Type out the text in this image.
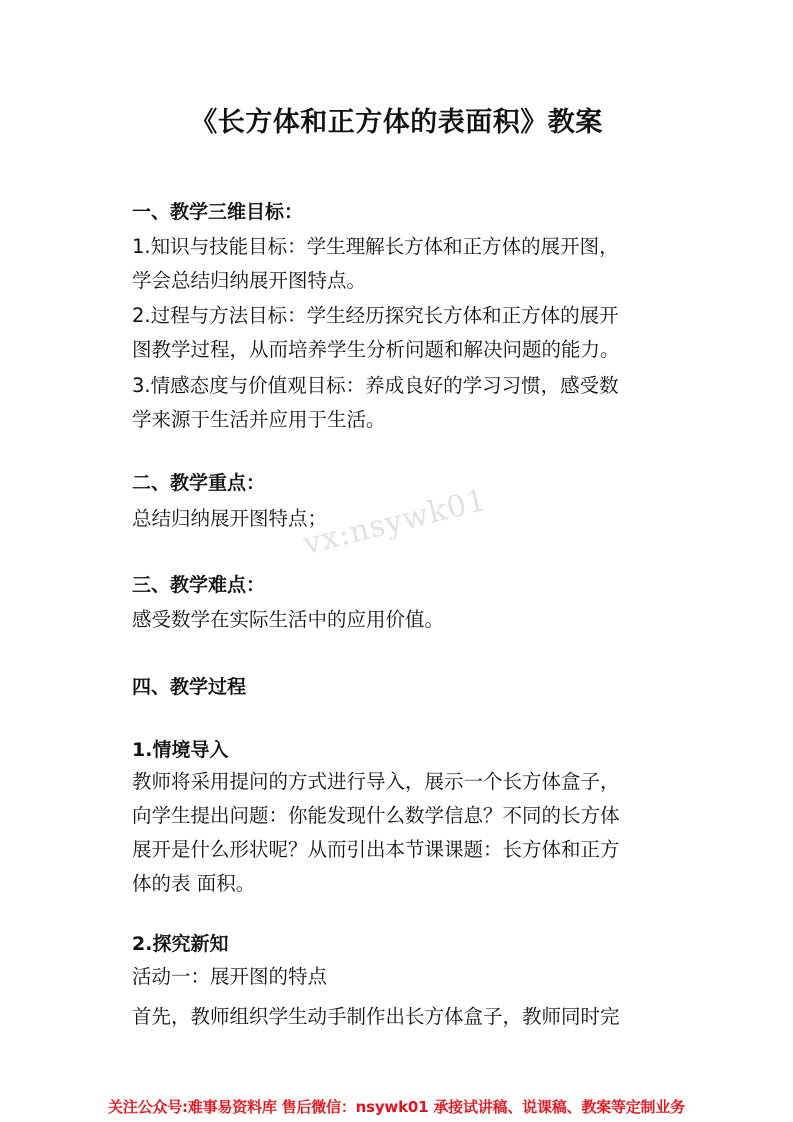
《长方体和正方体的表面积》教案
一、教学三维目标：
1.知识与技能目标：学生理解长方体和正方体的展开图，
学会总结归纳展开图特点。
2.过程与方法目标：学生经历探究长方体和正方体的展开
图教学过程，从而培养学生分析问题和解决问题的能力。
3.情感态度与价值观目标：养成良好的学习习惯，感受数
学来源于生活并应用于生活。
二、教学重点：
总结归纳展开图特点；
三、教学难点：
感受数学在实际生活中的应用价值。
四、教学过程
1.情境导入
教师将采用提问的方式进行导入，展示一个长方体盒子，
向学生提出问题：你能发现什么数学信息？不同的长方体
展开是什么形状呢？从而引出本节课课题：长方体和正方
体的表 面积。
2.探究新知
活动一：展开图的特点
首先，教师组织学生动手制作出长方体盒子，教师同时完
vx:nsywk01
关注公众号:难事易资料库 售后微信：nsywk01 承接试讲稿、说课稿、教案等定制业务
